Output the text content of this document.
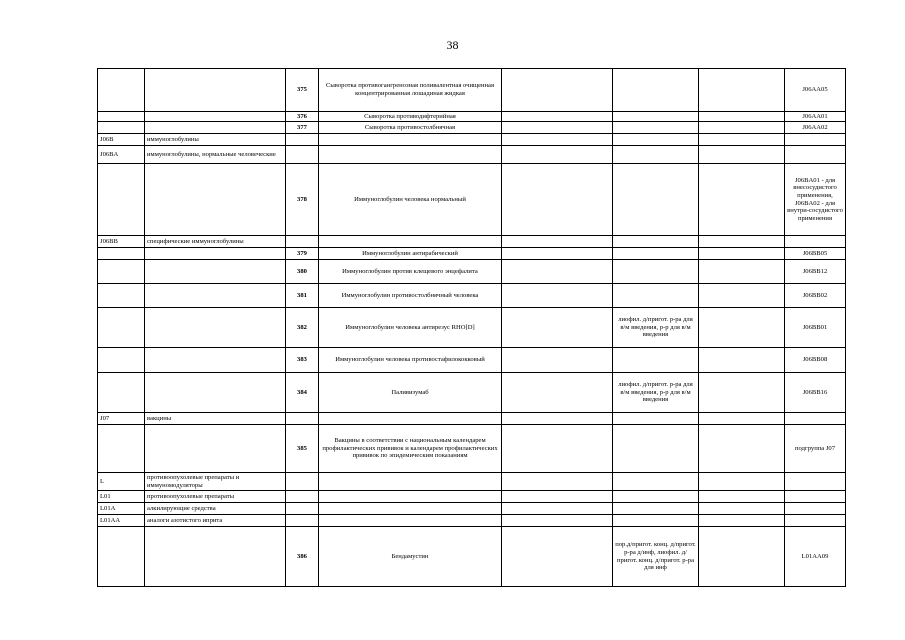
38
		375	Сыворотка противогангренозная поливалентная очищенная концентрированная лошадиная жидкая				J06AA05
		376	Сыворотка противодифтерийная				J06AA01
		377	Сыворотка противостолбнячная				J06AA02
J06B	иммуноглобулины						
J06BA	иммуноглобулины, нормальные человеческие						
		378	Иммуноглобулин человека нормальный				J06BA01 - для внесосудистого применения, J06BA02 - для внутри-сосудистого применения
J06BB	специфические иммуноглобулины						
		379	Иммуноглобулин антирабический				J06BB05
		380	Иммуноглобулин против клещевого энцефалита				J06BB12
		381	Иммуноглобулин противостолбнячный человека				J06BB02
		382	Иммуноглобулин человека антирезус RHO[D]		лиофил. д/пригот. р-ра для в/м введения, р-р для в/м введения		J06BB01
		383	Иммуноглобулин человека противостафилококковый				J06BB08
		384	Паливизумаб		лиофил. д/пригот. р-ра для в/м введения, р-р для в/м введения		J06BB16
J07	вакцины						
		385	Вакцины в соответствии с национальным календарем профилактических прививок и календарем профилактических прививок по эпидемическим показаниям				подгруппа J07
L	противоопухолевые препараты и иммуномодуляторы						
L01	противоопухолевые препараты						
L01A	алкилирующие средства						
L01AA	аналоги азотистого иприта						
		386	Бендамустин		пор.д/пригот. конц. д/пригот. р-ра д/инф, лиофил. д/пригот. конц. д/пригот. р-ра для инф		L01AA09
